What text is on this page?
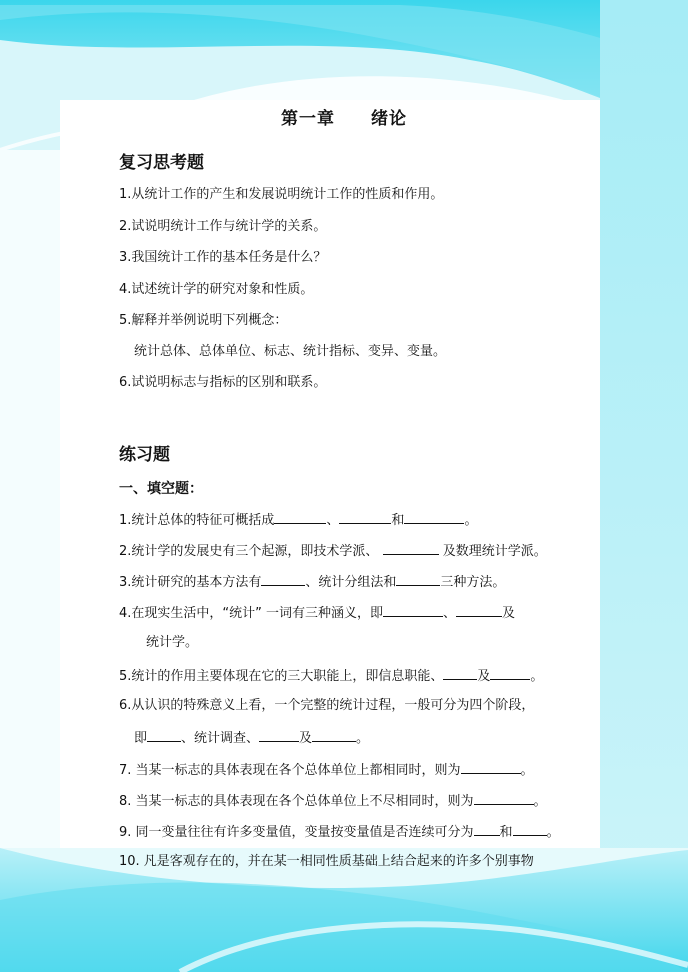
第一章　　绪论
复习思考题
1.从统计工作的产生和发展说明统计工作的性质和作用。
2.试说明统计工作与统计学的关系。
3.我国统计工作的基本任务是什么？
4.试述统计学的研究对象和性质。
5.解释并举例说明下列概念：
统计总体、总体单位、标志、统计指标、变异、变量。
6.试说明标志与指标的区别和联系。
练习题
一、填空题：
1.统计总体的特征可概括成	、	和	。
2.统计学的发展史有三个起源，即技术学派、	及数理统计学派。
3.统计研究的基本方法有	、统计分组法和	三种方法。
4.在现实生活中，“统计” 一词有三种涵义，即	、	及
统计学。
5.统计的作用主要体现在它的三大职能上，即信息职能、	及	。
6.从认识的特殊意义上看，一个完整的统计过程，一般可分为四个阶段，
即	、统计调查、	及	。
7. 当某一标志的具体表现在各个总体单位上都相同时，则为	。
8. 当某一标志的具体表现在各个总体单位上不尽相同时，则为	。
9. 同一变量往往有许多变量值，变量按变量值是否连续可分为 和	。
10. 凡是客观存在的，并在某一相同性质基础上结合起来的许多个别事物
